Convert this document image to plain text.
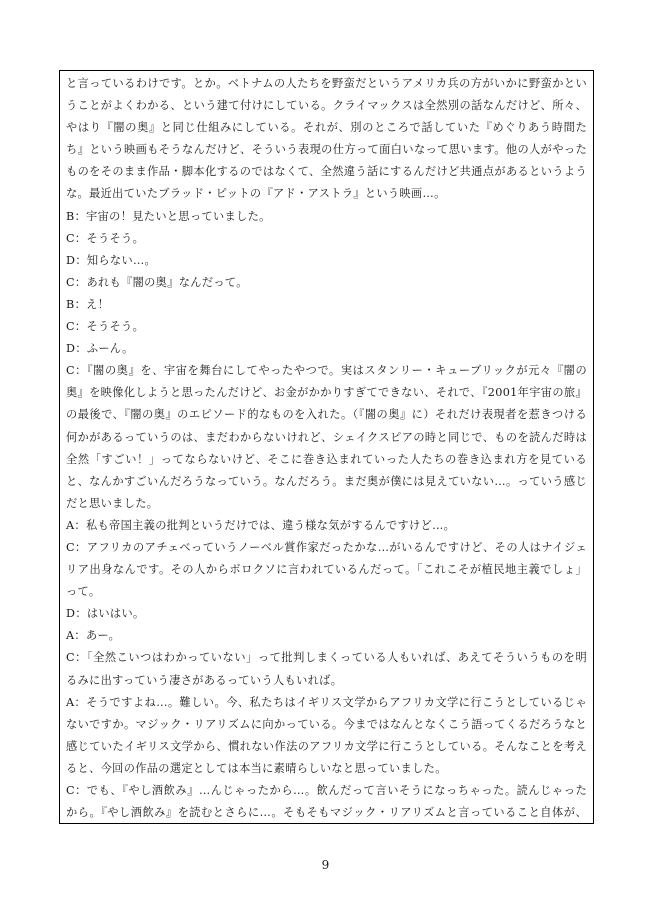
と言っているわけです。とか。ベトナムの人たちを野蛮だというアメリカ兵の方がいかに野蛮かということがよくわかる、という建て付けにしている。クライマックスは全然別の話なんだけど、所々、やはり『闇の奥』と同じ仕組みにしている。それが、別のところで話していた『めぐりあう時間たち』という映画もそうなんだけど、そういう表現の仕方って面白いなって思います。他の人がやったものをそのまま作品・脚本化するのではなくて、全然違う話にするんだけど共通点があるというような。最近出ていたブラッド・ピットの『アド・アストラ』という映画…。

B：宇宙の！見たいと思っていました。

C：そうそう。

D：知らない…。

C：あれも『闇の奥』なんだって。

B：え！

C：そうそう。

D：ふーん。

C：『闇の奥』を、宇宙を舞台にしてやったやつで。実はスタンリー・キューブリックが元々『闇の奥』を映像化しようと思ったんだけど、お金がかかりすぎてできない、それで、『2001年宇宙の旅』の最後で、『闇の奥』のエピソード的なものを入れた。（『闇の奥』に）それだけ表現者を惹きつける何かがあるっていうのは、まだわからないけれど、シェイクスピアの時と同じで、ものを読んだ時は全然「すごい！」ってならないけど、そこに巻き込まれていった人たちの巻き込まれ方を見ていると、なんかすごいんだろうなっていう。なんだろう。まだ奥が僕には見えていない…。っていう感じだと思いました。

A：私も帝国主義の批判というだけでは、違う様な気がするんですけど…。

C：アフリカのアチェベっていうノーベル賞作家だったかな…がいるんですけど、その人はナイジェリア出身なんです。その人からボロクソに言われているんだって。「これこそが植民地主義でしょ」って。

D：はいはい。

A：あー。

C：「全然こいつはわかっていない」って批判しまくっている人もいれば、あえてそういうものを明るみに出すっていう凄さがあるっていう人もいれば。

A：そうですよね…。難しい。今、私たちはイギリス文学からアフリカ文学に行こうとしているじゃないですか。マジック・リアリズムに向かっている。今まではなんとなくこう語ってくるだろうなと感じていたイギリス文学から、慣れない作法のアフリカ文学に行こうとしている。そんなことを考えると、今回の作品の選定としては本当に素晴らしいなと思っていました。

C：でも、『やし酒飲み』…んじゃったから…。飲んだって言いそうになっちゃった。読んじゃったから。『やし酒飲み』を読むとさらに…。そもそもマジック・リアリズムと言っていること自体が、

9
